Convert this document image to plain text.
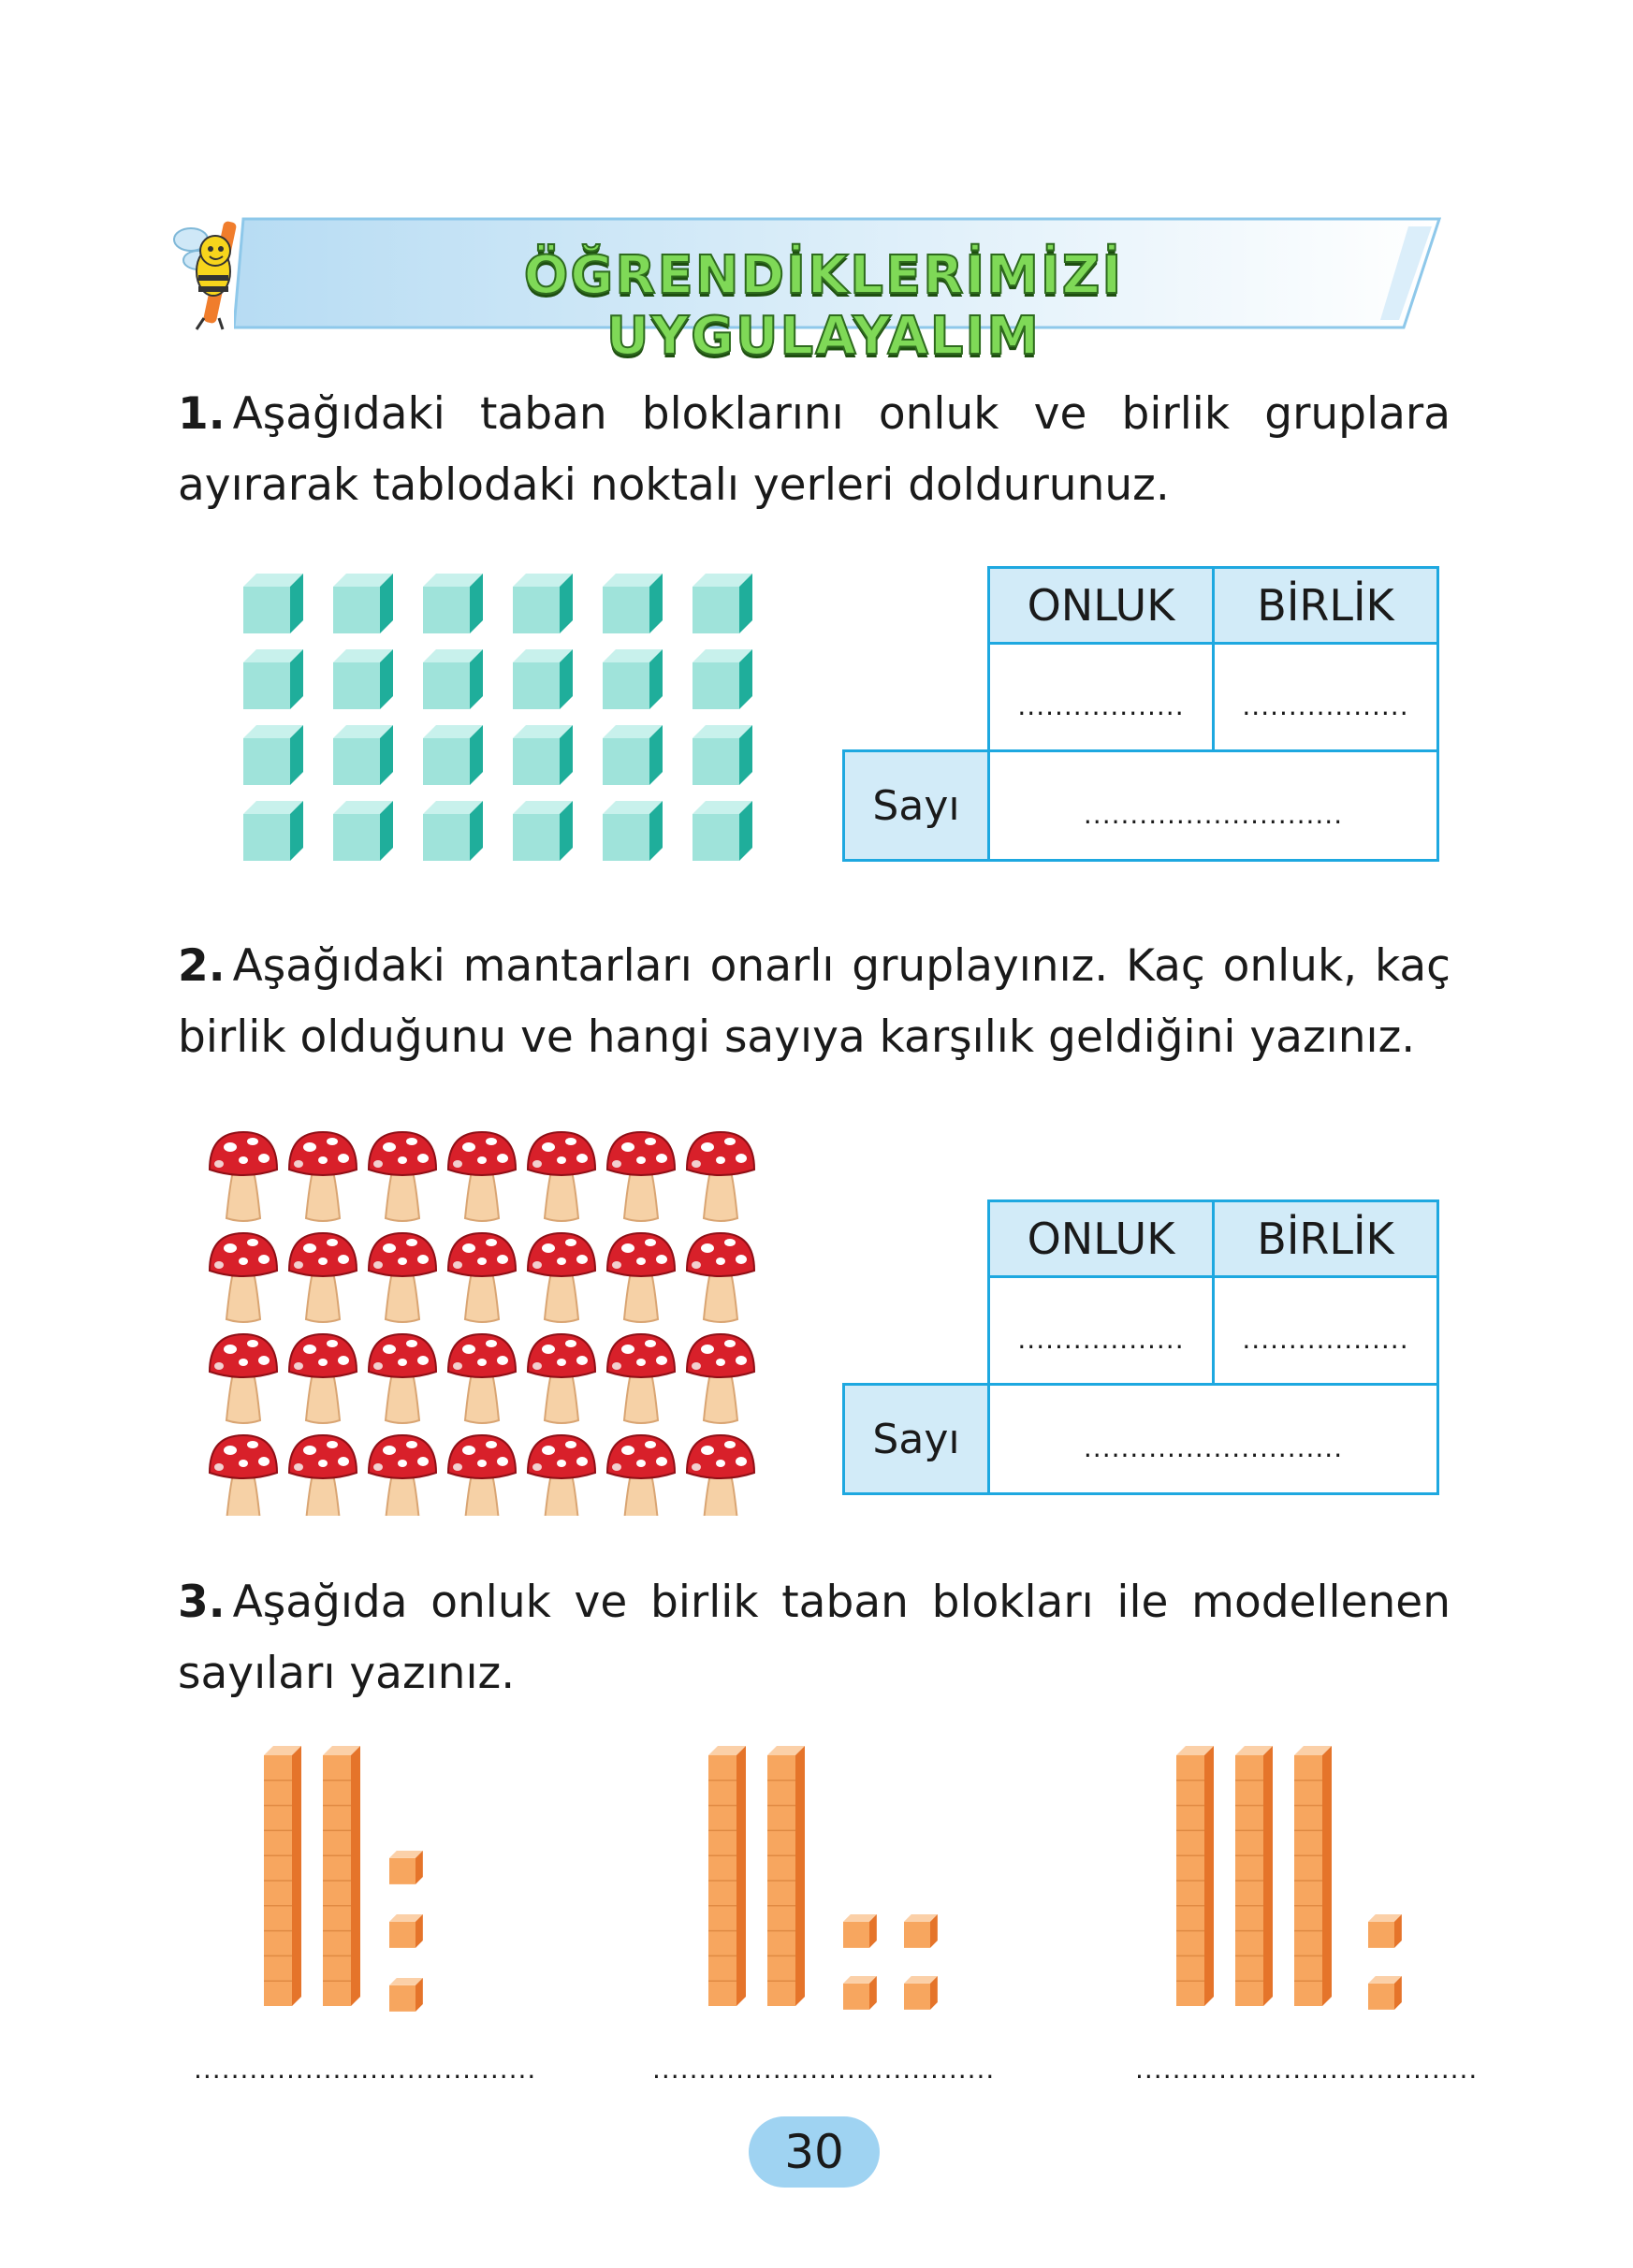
ÖĞRENDİKLERİMİZİ UYGULAYALIM
1. Aşağıdaki taban bloklarını onluk ve birlik gruplara ayırarak tablodaki noktalı yerleri doldurunuz.
ONLUK	BİRLİK
.................. ..................
Sayı	............................
2. Aşağıdaki mantarları onarlı gruplayınız. Kaç onluk, kaç birlik olduğunu ve hangi sayıya karşılık geldiğini yazınız.
ONLUK	BİRLİK
.................. ..................
Sayı	............................
3. Aşağıda onluk ve birlik taban blokları ile modellenen sayıları yazınız.
.....................................	.....................................	.....................................
30
